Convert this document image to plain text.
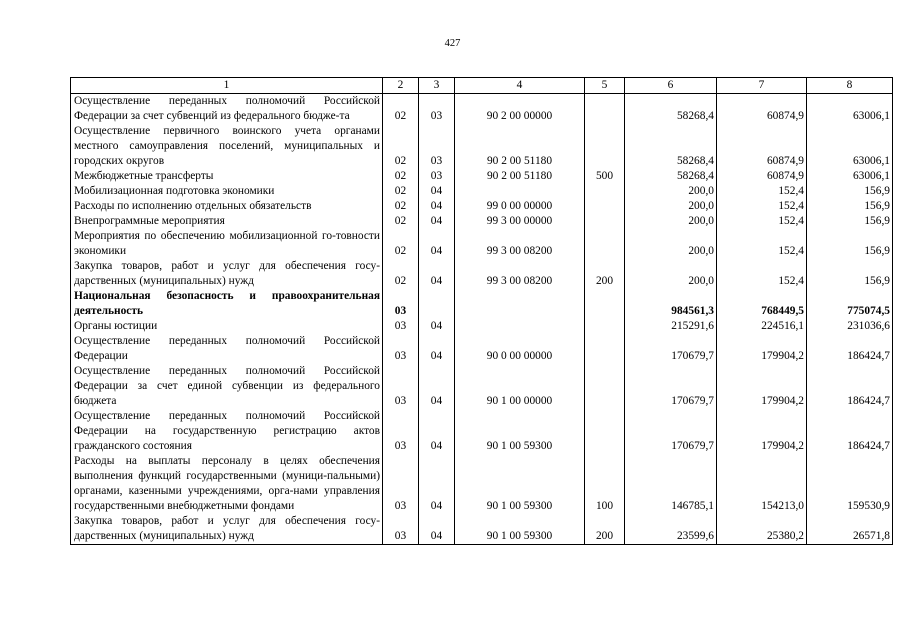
427
1	2	3	4	5	6	7	8
Осуществление переданных полномочий Российской Федерации за счет субвенций из федерального бюдже-та	02	03	90 2 00 00000		58268,4	60874,9	63006,1
Осуществление первичного воинского учета органами местного самоуправления поселений, муниципальных и городских округов	02	03	90 2 00 51180		58268,4	60874,9	63006,1
Межбюджетные трансферты	02	03	90 2 00 51180	500	58268,4	60874,9	63006,1
Мобилизационная подготовка экономики	02	04			200,0	152,4	156,9
Расходы по исполнению отдельных обязательств	02	04	99 0 00 00000		200,0	152,4	156,9
Внепрограммные мероприятия	02	04	99 3 00 00000		200,0	152,4	156,9
Мероприятия по обеспечению мобилизационной го-товности экономики	02	04	99 3 00 08200		200,0	152,4	156,9
Закупка товаров, работ и услуг для обеспечения госу-дарственных (муниципальных) нужд	02	04	99 3 00 08200	200	200,0	152,4	156,9
Национальная безопасность и правоохранительная деятельность	03				984561,3	768449,5	775074,5
Органы юстиции	03	04			215291,6	224516,1	231036,6
Осуществление переданных полномочий Российской Федерации	03	04	90 0 00 00000		170679,7	179904,2	186424,7
Осуществление переданных полномочий Российской Федерации за счет единой субвенции из федерального бюджета	03	04	90 1 00 00000		170679,7	179904,2	186424,7
Осуществление переданных полномочий Российской Федерации на государственную регистрацию актов гражданского состояния	03	04	90 1 00 59300		170679,7	179904,2	186424,7
Расходы на выплаты персоналу в целях обеспечения выполнения функций государственными (муници-пальными) органами, казенными учреждениями, орга-нами управления государственными внебюджетными фондами	03	04	90 1 00 59300	100	146785,1	154213,0	159530,9
Закупка товаров, работ и услуг для обеспечения госу-дарственных (муниципальных) нужд	03	04	90 1 00 59300	200	23599,6	25380,2	26571,8
